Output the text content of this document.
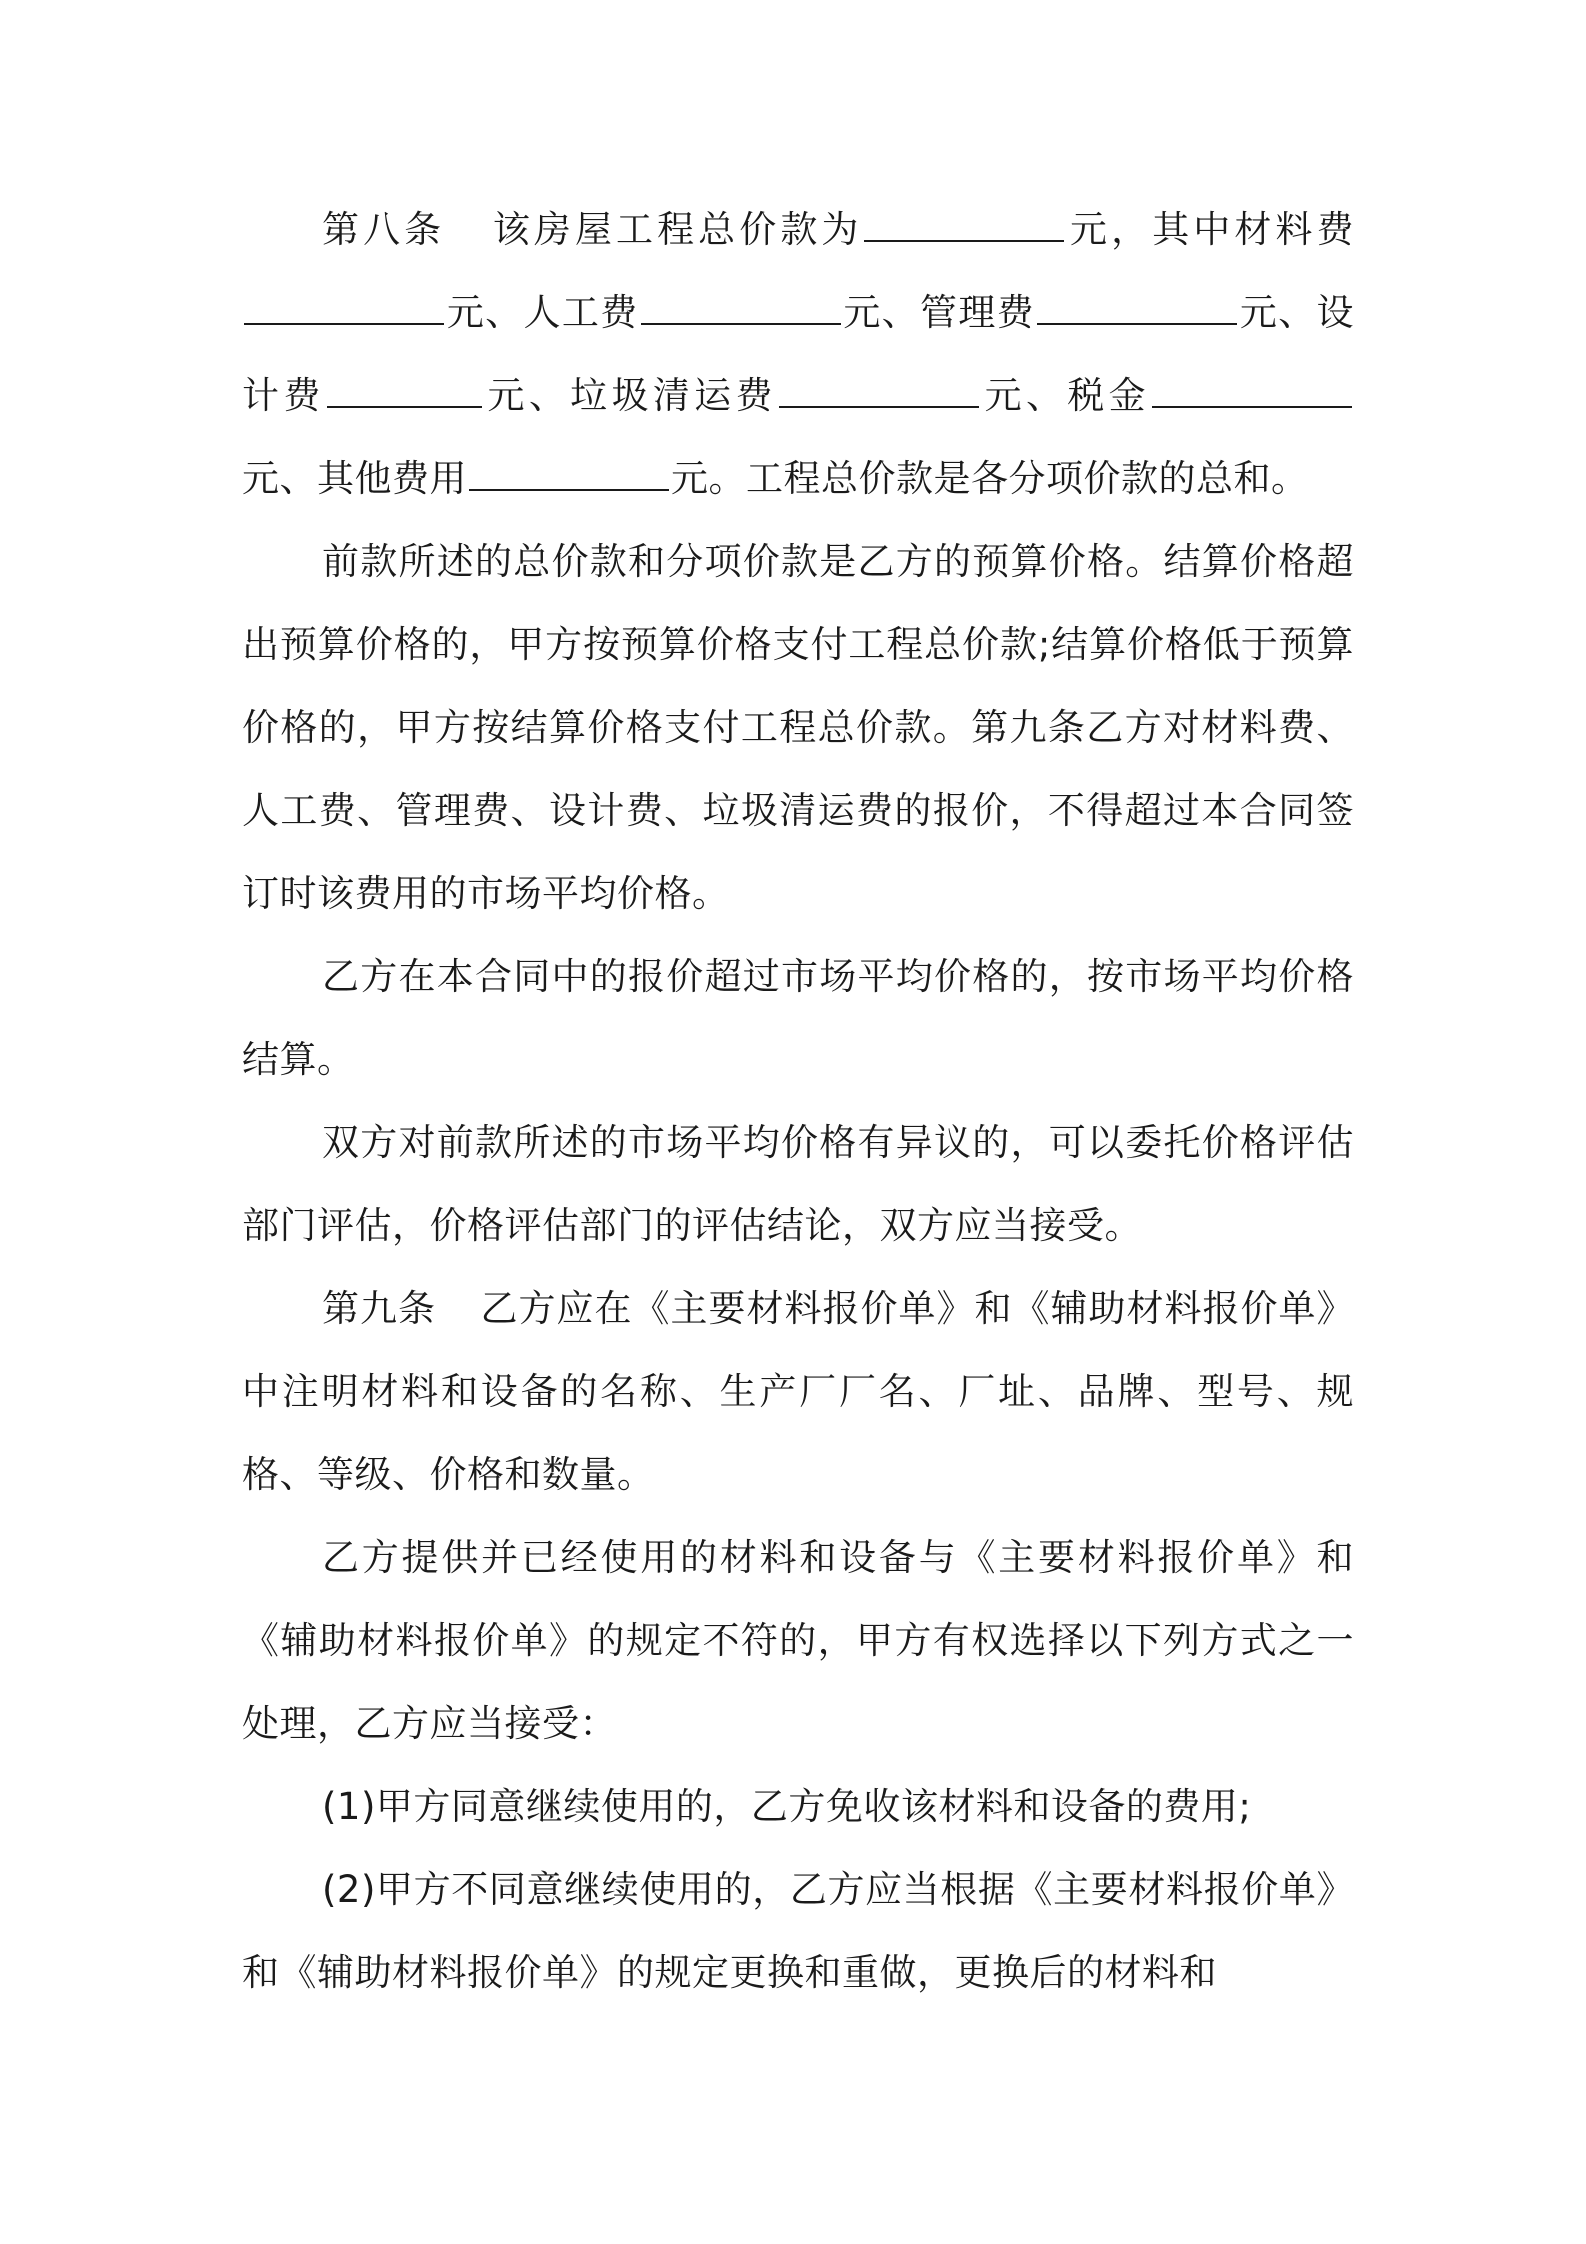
第八条 该房屋工程总价款为	元，其中材料费元、人工费	元、管理费	元、设计费	元、垃圾清运费	元、税金元、其他费用	元。工程总价款是各分项价款的总和。

前款所述的总价款和分项价款是乙方的预算价格。结算价格超出预算价格的，甲方按预算价格支付工程总价款;结算价格低于预算价格的，甲方按结算价格支付工程总价款。第九条乙方对材料费、人工费、管理费、设计费、垃圾清运费的报价，不得超过本合同签订时该费用的市场平均价格。

乙方在本合同中的报价超过市场平均价格的，按市场平均价格结算。

双方对前款所述的市场平均价格有异议的，可以委托价格评估部门评估，价格评估部门的评估结论，双方应当接受。

第九条 乙方应在《主要材料报价单》和《辅助材料报价单》中注明材料和设备的名称、生产厂厂名、厂址、品牌、型号、规格、等级、价格和数量。

乙方提供并已经使用的材料和设备与《主要材料报价单》和《辅助材料报价单》的规定不符的，甲方有权选择以下列方式之一处理，乙方应当接受：

(1)甲方同意继续使用的，乙方免收该材料和设备的费用;

(2)甲方不同意继续使用的，乙方应当根据《主要材料报价单》和《辅助材料报价单》的规定更换和重做，更换后的材料和
